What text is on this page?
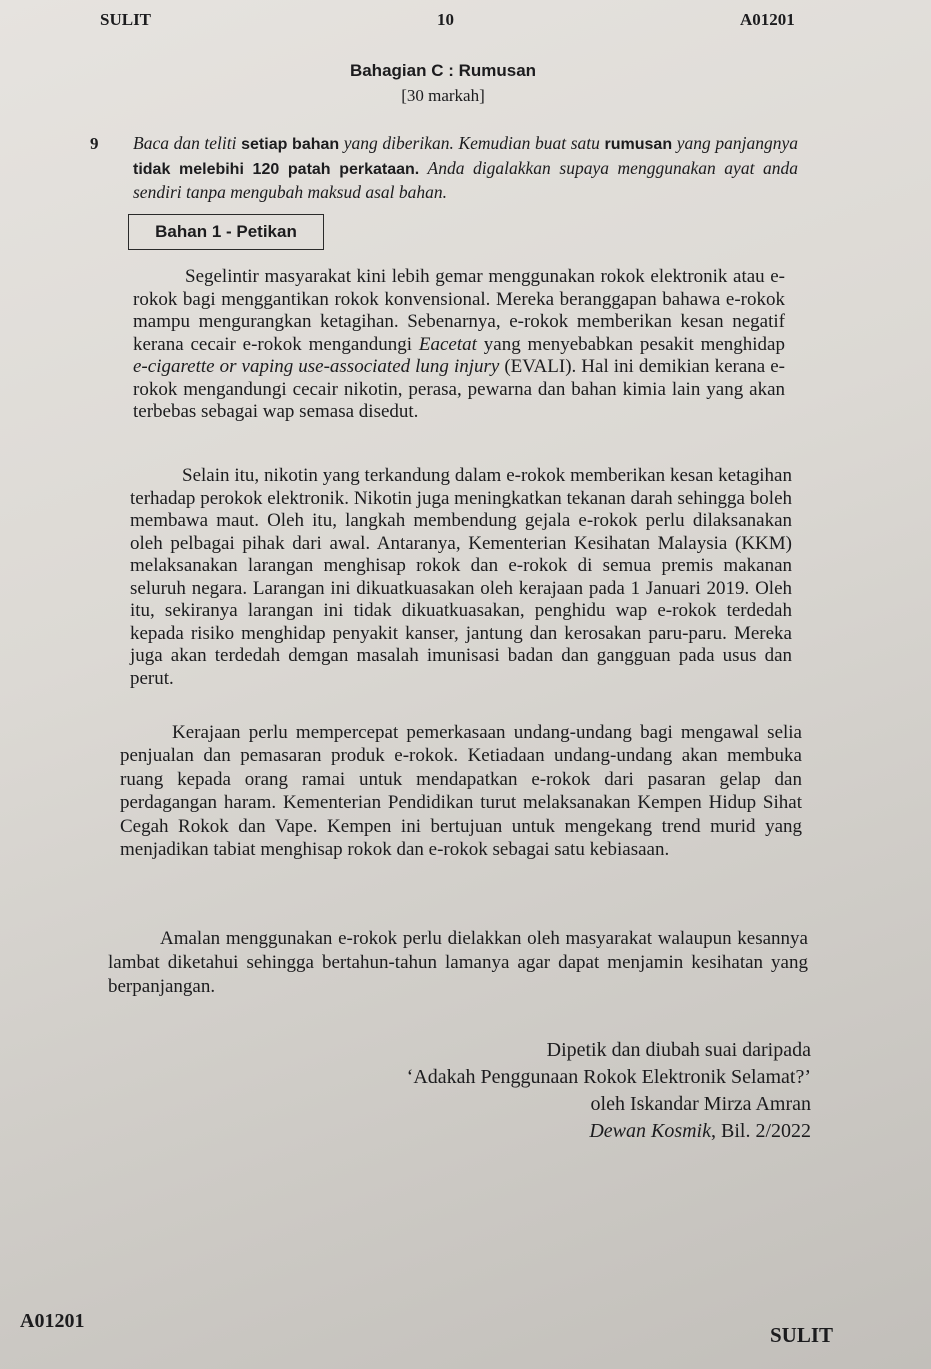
SULIT	10	A01201
Bahagian C : Rumusan
[30 markah]
9 Baca dan teliti setiap bahan yang diberikan. Kemudian buat satu rumusan yang panjangnya tidak melebihi 120 patah perkataan. Anda digalakkan supaya menggunakan ayat anda sendiri tanpa mengubah maksud asal bahan.
Bahan 1 - Petikan

Segelintir masyarakat kini lebih gemar menggunakan rokok elektronik atau e-rokok bagi menggantikan rokok konvensional. Mereka beranggapan bahawa e-rokok mampu mengurangkan ketagihan. Sebenarnya, e-rokok memberikan kesan negatif kerana cecair e-rokok mengandungi Eacetat yang menyebabkan pesakit menghidap e-cigarette or vaping use-associated lung injury (EVALI). Hal ini demikian kerana e-rokok mengandungi cecair nikotin, perasa, pewarna dan bahan kimia lain yang akan terbebas sebagai wap semasa disedut.

Selain itu, nikotin yang terkandung dalam e-rokok memberikan kesan ketagihan terhadap perokok elektronik. Nikotin juga meningkatkan tekanan darah sehingga boleh membawa maut. Oleh itu, langkah membendung gejala e-rokok perlu dilaksanakan oleh pelbagai pihak dari awal. Antaranya, Kementerian Kesihatan Malaysia (KKM) melaksanakan larangan menghisap rokok dan e-rokok di semua premis makanan seluruh negara. Larangan ini dikuatkuasakan oleh kerajaan pada 1 Januari 2019. Oleh itu, sekiranya larangan ini tidak dikuatkuasakan, penghidu wap e-rokok terdedah kepada risiko menghidap penyakit kanser, jantung dan kerosakan paru-paru. Mereka juga akan terdedah demgan masalah imunisasi badan dan gangguan pada usus dan perut.

Kerajaan perlu mempercepat pemerkasaan undang-undang bagi mengawal selia penjualan dan pemasaran produk e-rokok. Ketiadaan undang-undang akan membuka ruang kepada orang ramai untuk mendapatkan e-rokok dari pasaran gelap dan perdagangan haram. Kementerian Pendidikan turut melaksanakan Kempen Hidup Sihat Cegah Rokok dan Vape. Kempen ini bertujuan untuk mengekang trend murid yang menjadikan tabiat menghisap rokok dan e-rokok sebagai satu kebiasaan.

Amalan menggunakan e-rokok perlu dielakkan oleh masyarakat walaupun kesannya lambat diketahui sehingga bertahun-tahun lamanya agar dapat menjamin kesihatan yang berpanjangan.

Dipetik dan diubah suai daripada
‘Adakah Penggunaan Rokok Elektronik Selamat?’
oleh Iskandar Mirza Amran
Dewan Kosmik, Bil. 2/2022
A01201
SULIT
